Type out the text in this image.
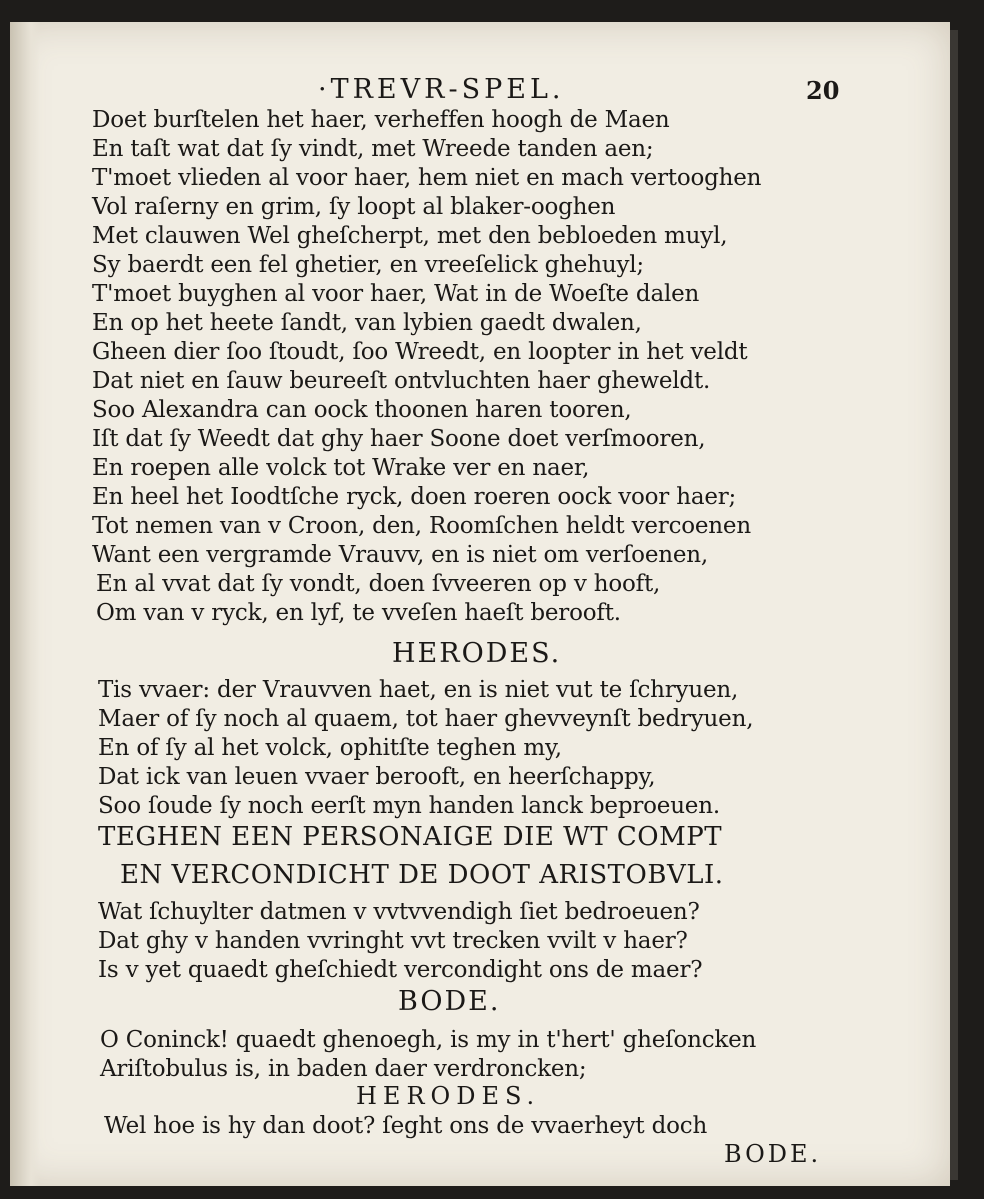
·TREVR-SPEL.	20
Doet burſtelen het haer, verheffen hoogh de Maen
En taſt wat dat ſy vindt, met Wreede tanden aen;
T'moet vlieden al voor haer, hem niet en mach vertooghen
Vol raſerny en grim, ſy loopt al blaker-ooghen
Met clauwen Wel gheſcherpt, met den bebloeden muyl,
Sy baerdt een fel ghetier, en vreeſelick ghehuyl;
T'moet buyghen al voor haer, Wat in de Woeſte dalen
En op het heete ſandt, van lybien gaedt dwalen,
Gheen dier ſoo ſtoudt, ſoo Wreedt, en loopter in het veldt
Dat niet en ſauw beureeſt ontvluchten haer gheweldt.
Soo Alexandra can oock thoonen haren tooren,
Iſt dat ſy Weedt dat ghy haer Soone doet verſmooren,
En roepen alle volck tot Wrake ver en naer,
En heel het Ioodtſche ryck, doen roeren oock voor haer;
Tot nemen van v Croon, den, Roomſchen heldt vercoenen
Want een vergramde Vrauvv, en is niet om verſoenen,
En al vvat dat ſy vondt, doen ſvveeren op v hooft,
Om van v ryck, en lyf, te vveſen haeſt berooft.
HERODES.
Tis vvaer: der Vrauvven haet, en is niet vut te ſchryuen,
Maer of ſy noch al quaem, tot haer ghevveynſt bedryuen,
En of ſy al het volck, ophitſte teghen my,
Dat ick van leuen vvaer berooft, en heerſchappy,
Soo ſoude ſy noch eerſt myn handen lanck beproeuen.
TEGHEN EEN PERSONAIGE DIE WT COMPT
EN VERCONDICHT DE DOOT ARISTOBVLI.
Wat ſchuylter datmen v vvtvvendigh ſiet bedroeuen?
Dat ghy v handen vvringht vvt trecken vvilt v haer?
Is v yet quaedt gheſchiedt vercondight ons de maer?
BODE.
O Coninck! quaedt ghenoegh, is my in t'hert' gheſoncken
Ariſtobulus is, in baden daer verdroncken;
HERODES.
Wel hoe is hy dan doot? ſeght ons de vvaerheyt doch
BODE.
